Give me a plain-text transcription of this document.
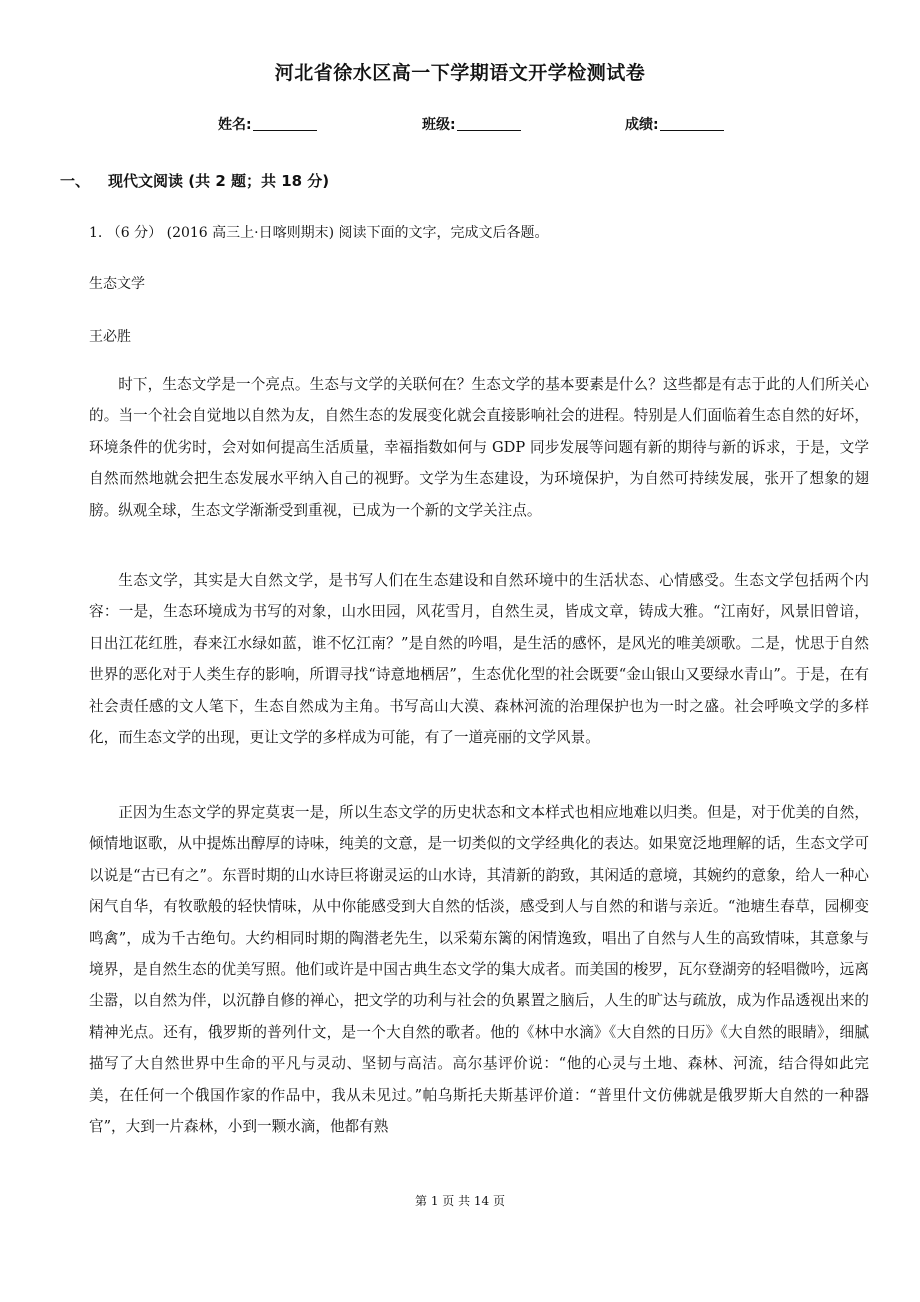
河北省徐水区高一下学期语文开学检测试卷
姓名:	班级:	成绩:
一、 现代文阅读 (共 2 题；共 18 分)
1. （6 分） (2016 高三上·日喀则期末) 阅读下面的文字，完成文后各题。
生态文学
王必胜

时下，生态文学是一个亮点。生态与文学的关联何在？生态文学的基本要素是什么？这些都是有志于此的人们所关心的。当一个社会自觉地以自然为友，自然生态的发展变化就会直接影响社会的进程。特别是人们面临着生态自然的好坏，环境条件的优劣时，会对如何提高生活质量，幸福指数如何与 GDP 同步发展等问题有新的期待与新的诉求，于是，文学自然而然地就会把生态发展水平纳入自己的视野。文学为生态建设，为环境保护，为自然可持续发展，张开了想象的翅膀。纵观全球，生态文学渐渐受到重视，已成为一个新的文学关注点。

生态文学，其实是大自然文学，是书写人们在生态建设和自然环境中的生活状态、心情感受。生态文学包括两个内容：一是，生态环境成为书写的对象，山水田园，风花雪月，自然生灵，皆成文章，铸成大雅。“江南好，风景旧曾谙，日出江花红胜，春来江水绿如蓝，谁不忆江南？”是自然的吟唱，是生活的感怀，是风光的唯美颂歌。二是，忧思于自然世界的恶化对于人类生存的影响，所谓寻找“诗意地栖居”，生态优化型的社会既要“金山银山又要绿水青山”。于是，在有社会责任感的文人笔下，生态自然成为主角。书写高山大漠、森林河流的治理保护也为一时之盛。社会呼唤文学的多样化，而生态文学的出现，更让文学的多样成为可能，有了一道亮丽的文学风景。

正因为生态文学的界定莫衷一是，所以生态文学的历史状态和文本样式也相应地难以归类。但是，对于优美的自然，倾情地讴歌，从中提炼出醇厚的诗味，纯美的文意，是一切类似的文学经典化的表达。如果宽泛地理解的话，生态文学可以说是“古已有之”。东晋时期的山水诗巨将谢灵运的山水诗，其清新的韵致，其闲适的意境，其婉约的意象，给人一种心闲气自华，有牧歌般的轻快情味，从中你能感受到大自然的恬淡，感受到人与自然的和谐与亲近。“池塘生春草，园柳变鸣禽”，成为千古绝句。大约相同时期的陶潜老先生，以采菊东篱的闲情逸致，唱出了自然与人生的高致情味，其意象与境界，是自然生态的优美写照。他们或许是中国古典生态文学的集大成者。而美国的梭罗，瓦尔登湖旁的轻唱微吟，远离尘嚣，以自然为伴，以沉静自修的禅心，把文学的功利与社会的负累置之脑后，人生的旷达与疏放，成为作品透视出来的精神光点。还有，俄罗斯的普列什文，是一个大自然的歌者。他的《林中水滴》《大自然的日历》《大自然的眼睛》，细腻描写了大自然世界中生命的平凡与灵动、坚韧与高洁。高尔基评价说：“他的心灵与土地、森林、河流，结合得如此完美，在任何一个俄国作家的作品中，我从未见过。”帕乌斯托夫斯基评价道：“普里什文仿佛就是俄罗斯大自然的一种器官”，大到一片森林，小到一颗水滴，他都有熟

第 1 页 共 14 页
